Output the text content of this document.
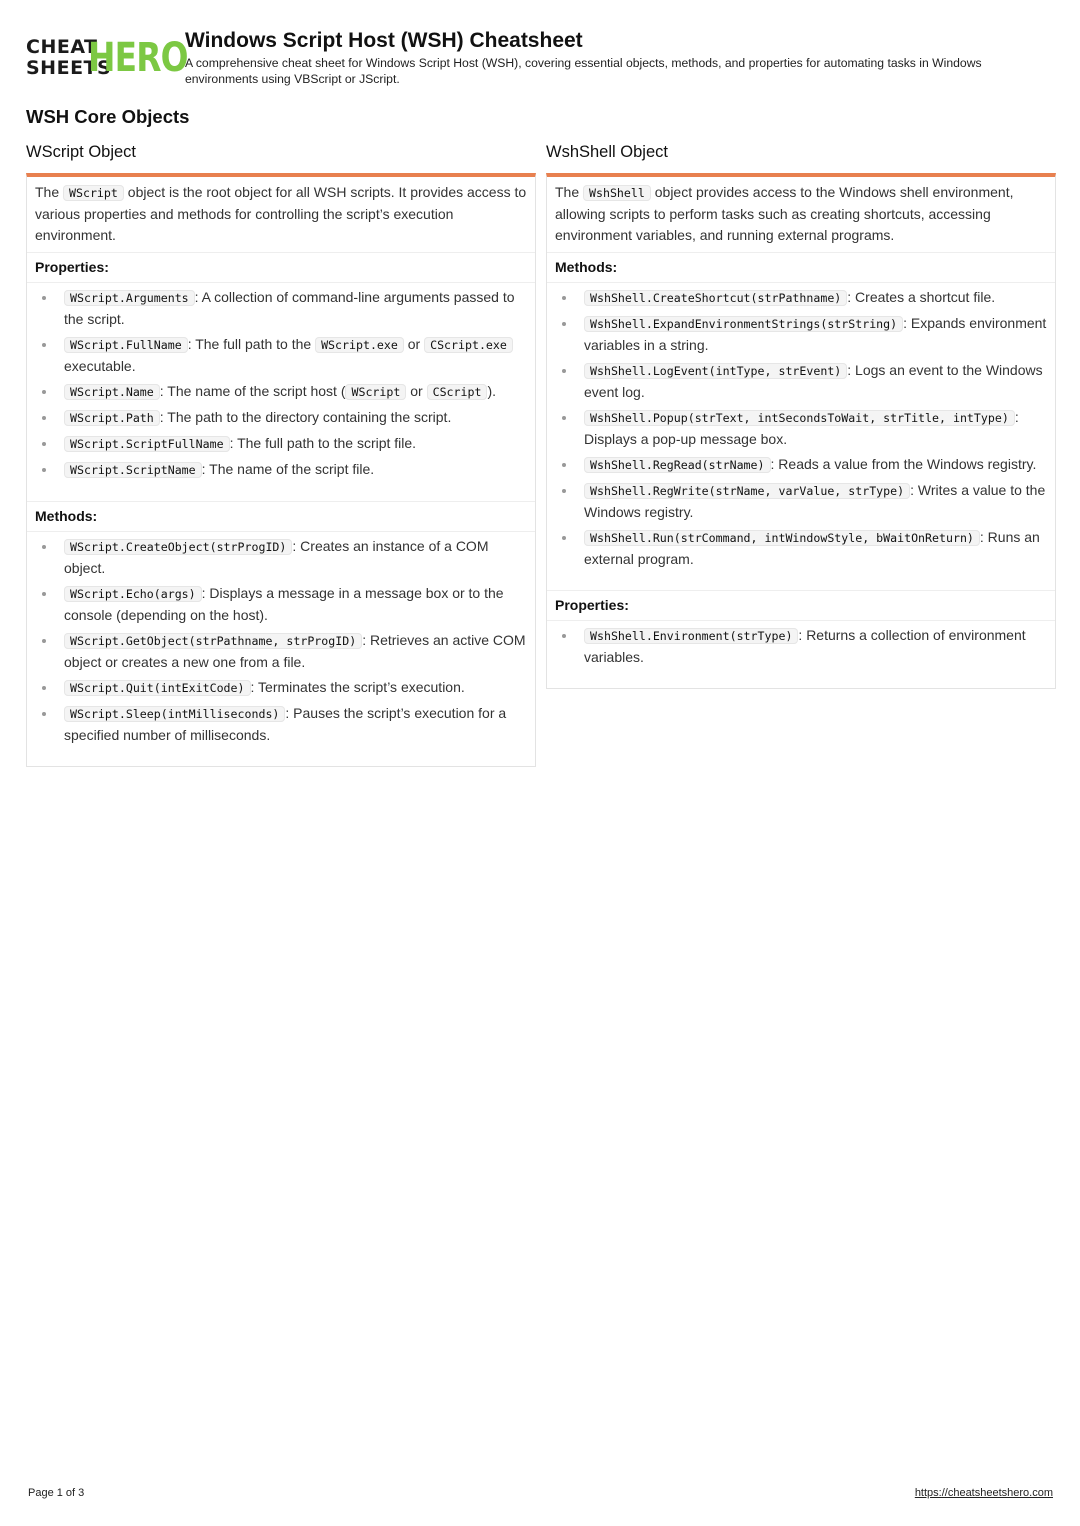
CHEAT
SHEETS
HERO
Windows Script Host (WSH) Cheatsheet
A comprehensive cheat sheet for Windows Script Host (WSH), covering essential objects, methods, and properties for automating tasks in Windows environments using VBScript or JScript.
WSH Core Objects
WScript Object
The WScript object is the root object for all WSH scripts. It provides access to various properties and methods for controlling the script’s execution environment.
Properties:
WScript.Arguments : A collection of command-line arguments passed to the script.
WScript.FullName : The full path to the WScript.exe or CScript.exe executable.
WScript.Name : The name of the script host ( WScript or CScript ).
WScript.Path : The path to the directory containing the script.
WScript.ScriptFullName : The full path to the script file.
WScript.ScriptName : The name of the script file.
Methods:
WScript.CreateObject(strProgID) : Creates an instance of a COM object.
WScript.Echo(args) : Displays a message in a message box or to the console (depending on the host).
WScript.GetObject(strPathname, strProgID) : Retrieves an active COM object or creates a new one from a file.
WScript.Quit(intExitCode) : Terminates the script’s execution.
WScript.Sleep(intMilliseconds) : Pauses the script’s execution for a specified number of milliseconds.
WshShell Object
The WshShell object provides access to the Windows shell environment, allowing scripts to perform tasks such as creating shortcuts, accessing environment variables, and running external programs.
Methods:
WshShell.CreateShortcut(strPathname) : Creates a shortcut file.
WshShell.ExpandEnvironmentStrings(strString) : Expands environment variables in a string.
WshShell.LogEvent(intType, strEvent) : Logs an event to the Windows event log.
WshShell.Popup(strText, intSecondsToWait, strTitle, intType) : Displays a pop-up message box.
WshShell.RegRead(strName) : Reads a value from the Windows registry.
WshShell.RegWrite(strName, varValue, strType) : Writes a value to the Windows registry.
WshShell.Run(strCommand, intWindowStyle, bWaitOnReturn) : Runs an external program.
Properties:
WshShell.Environment(strType) : Returns a collection of environment variables.
Page 1 of 3	https://cheatsheetshero.com
